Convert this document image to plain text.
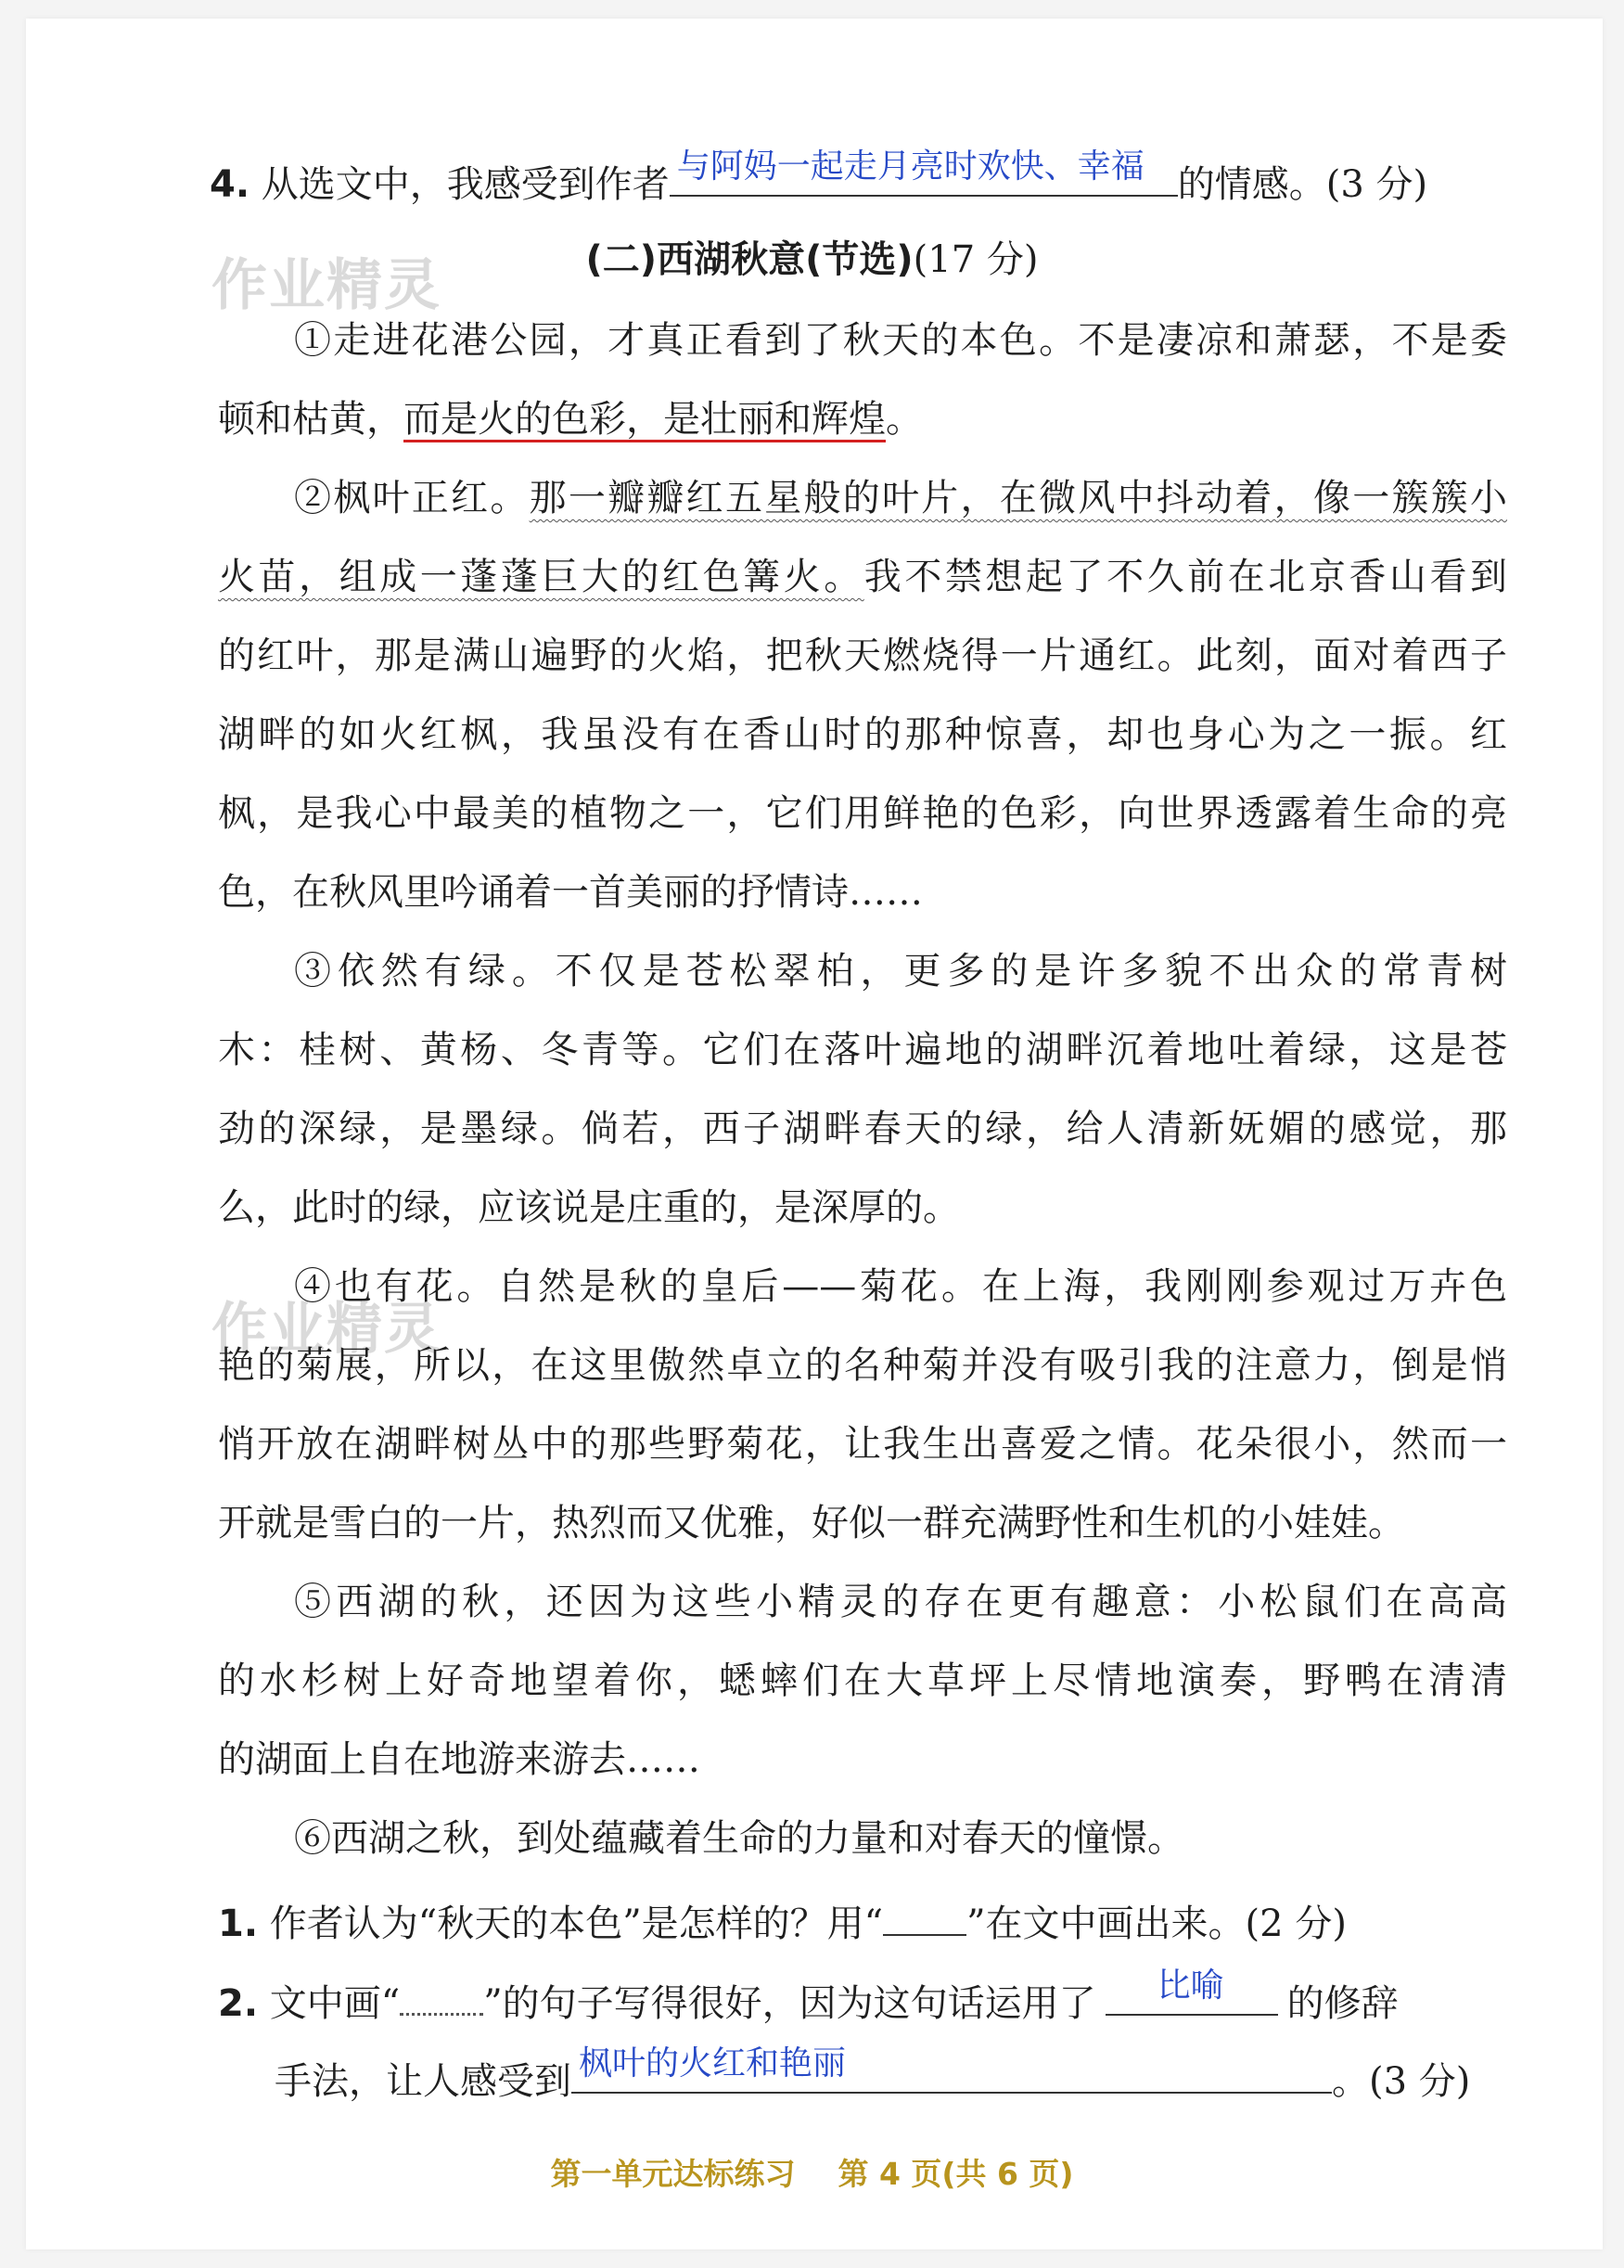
作业精灵
作业精灵
4. 从选文中，我感受到作者 与阿妈一起走月亮时欢快、幸福 的情感。(3 分)
(二)西湖秋意(节选)(17 分)
①走进花港公园，才真正看到了秋天的本色。不是凄凉和萧瑟，不是委
顿和枯黄，而是火的色彩，是壮丽和辉煌。
②枫叶正红。那一瓣瓣红五星般的叶片，在微风中抖动着，像一簇簇小
火苗，组成一蓬蓬巨大的红色篝火。我不禁想起了不久前在北京香山看到
的红叶，那是满山遍野的火焰，把秋天燃烧得一片通红。此刻，面对着西子
湖畔的如火红枫，我虽没有在香山时的那种惊喜，却也身心为之一振。红
枫，是我心中最美的植物之一，它们用鲜艳的色彩，向世界透露着生命的亮
色，在秋风里吟诵着一首美丽的抒情诗……
③依然有绿。不仅是苍松翠柏，更多的是许多貌不出众的常青树
木：桂树、黄杨、冬青等。它们在落叶遍地的湖畔沉着地吐着绿，这是苍
劲的深绿，是墨绿。倘若，西子湖畔春天的绿，给人清新妩媚的感觉，那
么，此时的绿，应该说是庄重的，是深厚的。
④也有花。自然是秋的皇后——菊花。在上海，我刚刚参观过万卉色
艳的菊展，所以，在这里傲然卓立的名种菊并没有吸引我的注意力，倒是悄
悄开放在湖畔树丛中的那些野菊花，让我生出喜爱之情。花朵很小，然而一
开就是雪白的一片，热烈而又优雅，好似一群充满野性和生机的小娃娃。
⑤西湖的秋，还因为这些小精灵的存在更有趣意：小松鼠们在高高
的水杉树上好奇地望着你，蟋蟀们在大草坪上尽情地演奏，野鸭在清清
的湖面上自在地游来游去……
⑥西湖之秋，到处蕴藏着生命的力量和对春天的憧憬。
1. 作者认为“秋天的本色”是怎样的？用“ ”在文中画出来。(2 分)
2. 文中画“ ”的句子写得很好，因为这句话运用了 比喻 的修辞
手法，让人感受到 枫叶的火红和艳丽	。(3 分)
第一单元达标练习 第 4 页(共 6 页)
